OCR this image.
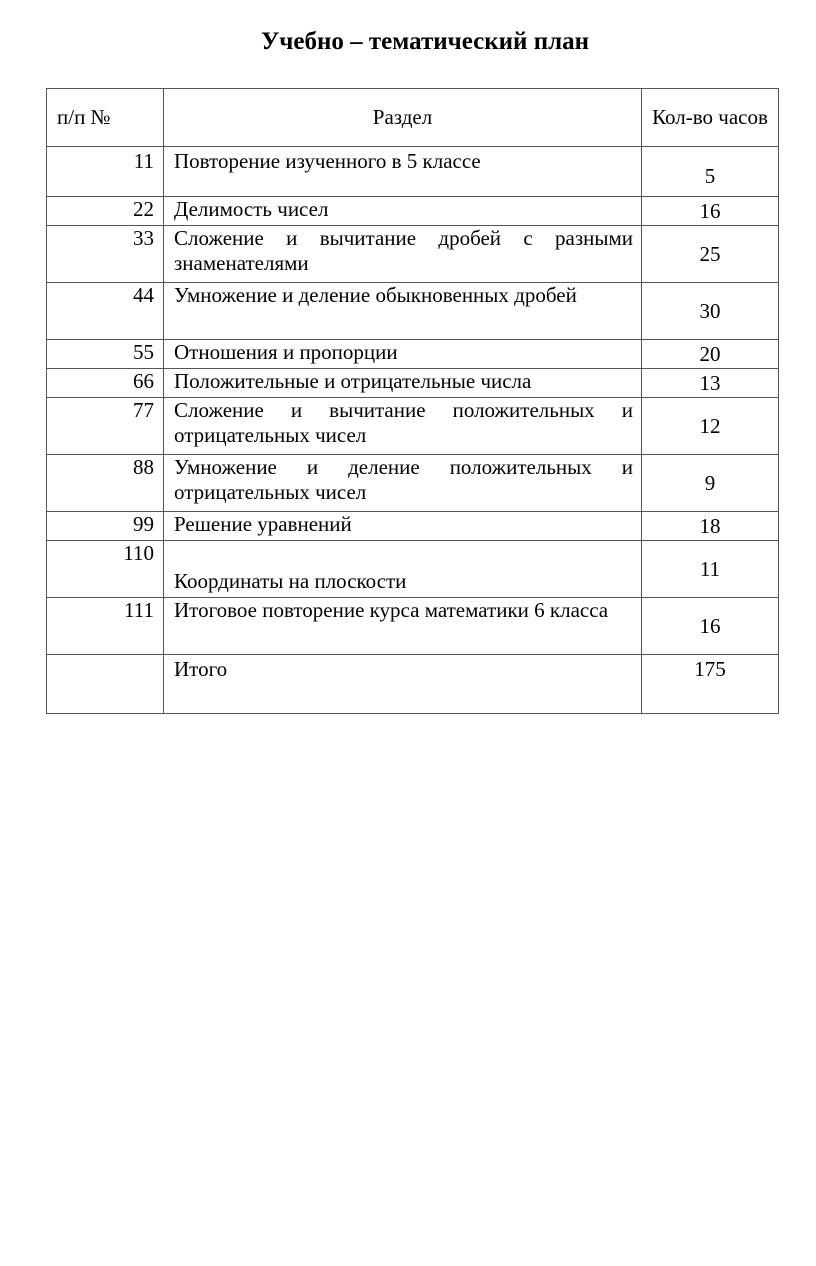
Учебно – тематический план
п/п №	Раздел	Кол-во часов
11	Повторение изученного в 5 классе	5
22	Делимость чисел	16
33	Сложение и вычитание дробей с разными знаменателями	25
44	Умножение и деление обыкновенных дробей	30
55	Отношения и пропорции	20
66	Положительные и отрицательные числа	13
77	Сложение и вычитание положительных и отрицательных чисел	12
88	Умножение и деление положительных и отрицательных чисел	9
99	Решение уравнений	18
110	Координаты на плоскости	11
111	Итоговое повторение курса математики 6 класса	16
	Итого	175
